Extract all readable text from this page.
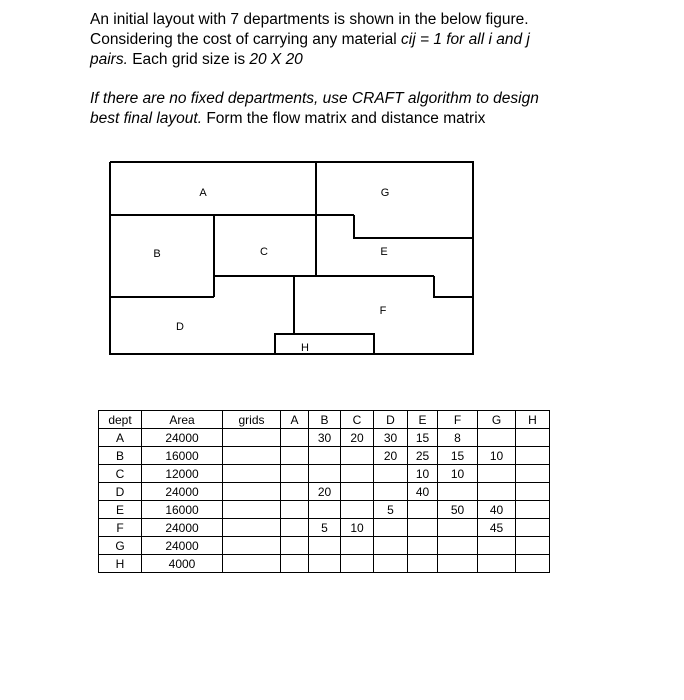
An initial layout with 7 departments is shown in the below figure.
Considering the cost of carrying any material cij = 1 for all i and j
pairs. Each grid size is 20 X 20

If there are no fixed departments, use CRAFT algorithm to design
best final layout. Form the flow matrix and distance matrix

A	G
B	C	E
F
D
H
dept	Area	grids	A	B	C	D	E	F	G	H
A	24000			30	20	30	15	8		
B	16000					20	25	15	10	
C	12000						10	10		
D	24000			20			40			
E	16000					5		50	40	
F	24000			5	10				45	
G	24000									
H	4000									
